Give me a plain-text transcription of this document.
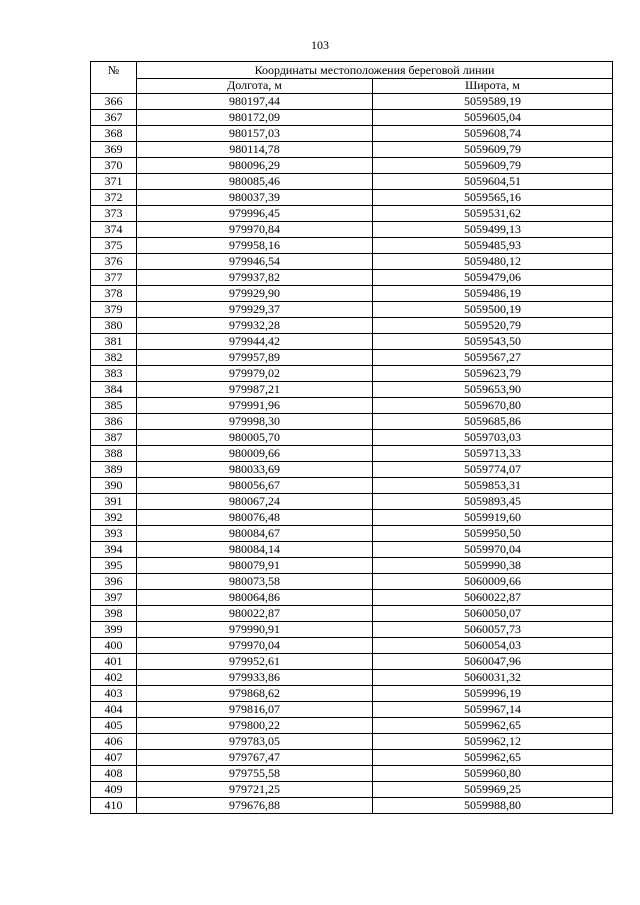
103
№	Координаты местоположения береговой линии	
	Долгота, м	Широта, м
366	980197,44	5059589,19
367	980172,09	5059605,04
368	980157,03	5059608,74
369	980114,78	5059609,79
370	980096,29	5059609,79
371	980085,46	5059604,51
372	980037,39	5059565,16
373	979996,45	5059531,62
374	979970,84	5059499,13
375	979958,16	5059485,93
376	979946,54	5059480,12
377	979937,82	5059479,06
378	979929,90	5059486,19
379	979929,37	5059500,19
380	979932,28	5059520,79
381	979944,42	5059543,50
382	979957,89	5059567,27
383	979979,02	5059623,79
384	979987,21	5059653,90
385	979991,96	5059670,80
386	979998,30	5059685,86
387	980005,70	5059703,03
388	980009,66	5059713,33
389	980033,69	5059774,07
390	980056,67	5059853,31
391	980067,24	5059893,45
392	980076,48	5059919,60
393	980084,67	5059950,50
394	980084,14	5059970,04
395	980079,91	5059990,38
396	980073,58	5060009,66
397	980064,86	5060022,87
398	980022,87	5060050,07
399	979990,91	5060057,73
400	979970,04	5060054,03
401	979952,61	5060047,96
402	979933,86	5060031,32
403	979868,62	5059996,19
404	979816,07	5059967,14
405	979800,22	5059962,65
406	979783,05	5059962,12
407	979767,47	5059962,65
408	979755,58	5059960,80
409	979721,25	5059969,25
410	979676,88	5059988,80
